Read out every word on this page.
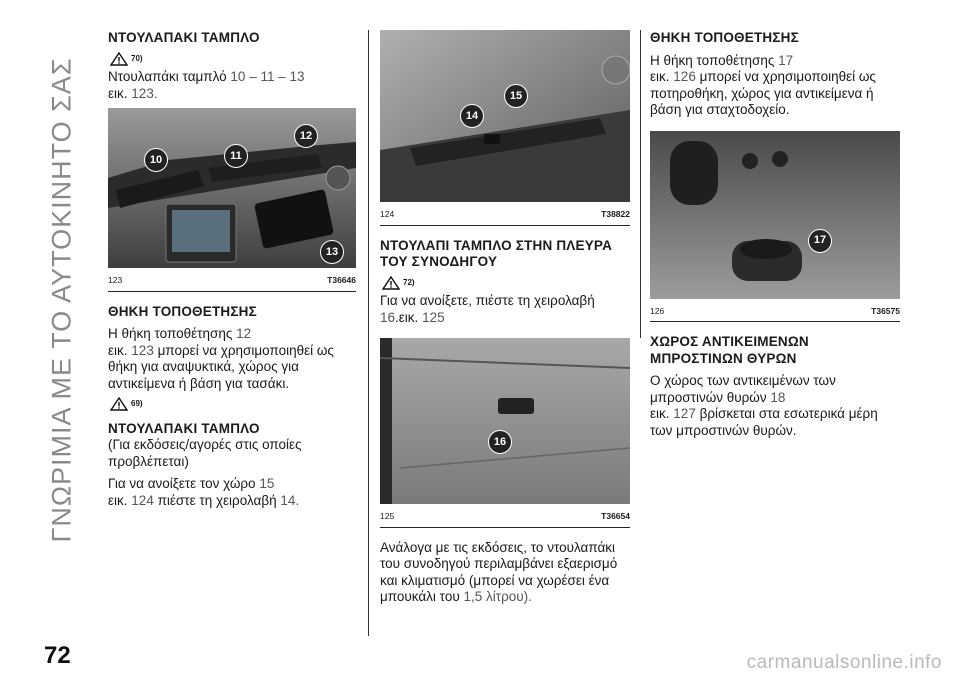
ΓΝΩΡΙΜΙΑ ΜΕ ΤΟ ΑΥΤΟΚΙΝΗΤΟ ΣΑΣ
72	carmanualsonline.info
ΝΤΟΥΛΑΠΑΚΙ ΤΑΜΠΛΟ
70)

Ντουλαπάκι ταμπλό 10 – 11 – 13
εικ. 123.

10	11
12
13
123	T36646
ΘΗΚΗ ΤΟΠΟΘΕΤΗΣΗΣ

Η θήκη τοποθέτησης 12
εικ. 123 μπορεί να χρησιμοποιηθεί ως θήκη για αναψυκτικά, χώρος για αντικείμενα ή βάση για τασάκι.

69)
ΝΤΟΥΛΑΠΑΚΙ ΤΑΜΠΛΟ

(Για εκδόσεις/αγορές στις οποίες προβλέπεται)

Για να ανοίξετε τον χώρο 15
εικ. 124 πιέστε τη χειρολαβή 14.

14
15
124	T38822
ΝΤΟΥΛΑΠΙ ΤΑΜΠΛΟ ΣΤΗΝ ΠΛΕΥΡΑ ΤΟΥ ΣΥΝΟΔΗΓΟΥ
72)

Για να ανοίξετε, πιέστε τη χειρολαβή
16.εικ. 125

16
125	T36654

Ανάλογα με τις εκδόσεις, το ντουλαπάκι του συνοδηγού περιλαμβάνει εξαερισμό και κλιματισμό (μπορεί να χωρέσει ένα μπουκάλι του 1,5 λίτρου).

ΘΗΚΗ ΤΟΠΟΘΕΤΗΣΗΣ

Η θήκη τοποθέτησης 17
εικ. 126 μπορεί να χρησιμοποιηθεί ως ποτηροθήκη, χώρος για αντικείμενα ή βάση για σταχτοδοχείο.

17
126	T36575
ΧΩΡΟΣ ΑΝΤΙΚΕΙΜΕΝΩΝ ΜΠΡΟΣΤΙΝΩΝ ΘΥΡΩΝ

Ο χώρος των αντικειμένων των μπροστινών θυρών 18
εικ. 127 βρίσκεται στα εσωτερικά μέρη των μπροστινών θυρών.
